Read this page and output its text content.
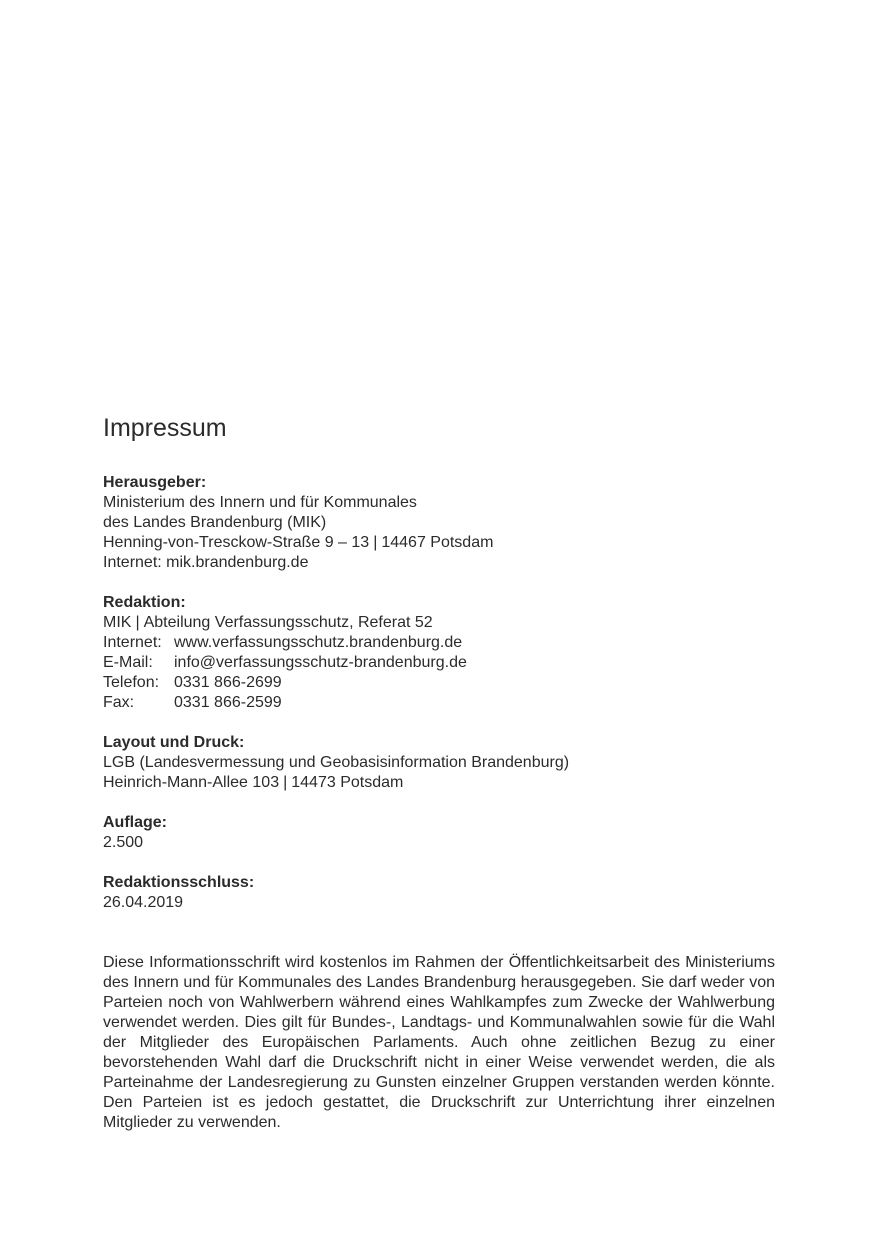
Impressum
Herausgeber:
Ministerium des Innern und für Kommunales
des Landes Brandenburg (MIK)
Henning-von-Tresckow-Straße 9 – 13 | 14467 Potsdam
Internet: mik.brandenburg.de
Redaktion:
MIK | Abteilung Verfassungsschutz, Referat 52
Internet: www.verfassungsschutz.brandenburg.de
E-Mail:	info@verfassungsschutz-brandenburg.de
Telefon: 0331 866-2699
Fax:	0331 866-2599
Layout und Druck:
LGB (Landesvermessung und Geobasisinformation Brandenburg)
Heinrich-Mann-Allee 103 | 14473 Potsdam
Auflage:
2.500
Redaktionsschluss:
26.04.2019

Diese Informationsschrift wird kostenlos im Rahmen der Öffentlichkeitsarbeit des Ministeriums des Innern und für Kommunales des Landes Brandenburg herausgegeben. Sie darf weder von Parteien noch von Wahlwerbern während eines Wahlkampfes zum Zwecke der Wahlwerbung verwendet werden. Dies gilt für Bundes-, Landtags- und Kommunalwahlen sowie für die Wahl der Mitglieder des Europäischen Parlaments. Auch ohne zeitlichen Bezug zu einer bevorstehenden Wahl darf die Druckschrift nicht in einer Weise verwendet werden, die als Parteinahme der Landesregierung zu Gunsten einzelner Gruppen verstanden werden könnte. Den Parteien ist es jedoch gestattet, die Druckschrift zur Unterrichtung ihrer einzelnen Mitglieder zu verwenden.
